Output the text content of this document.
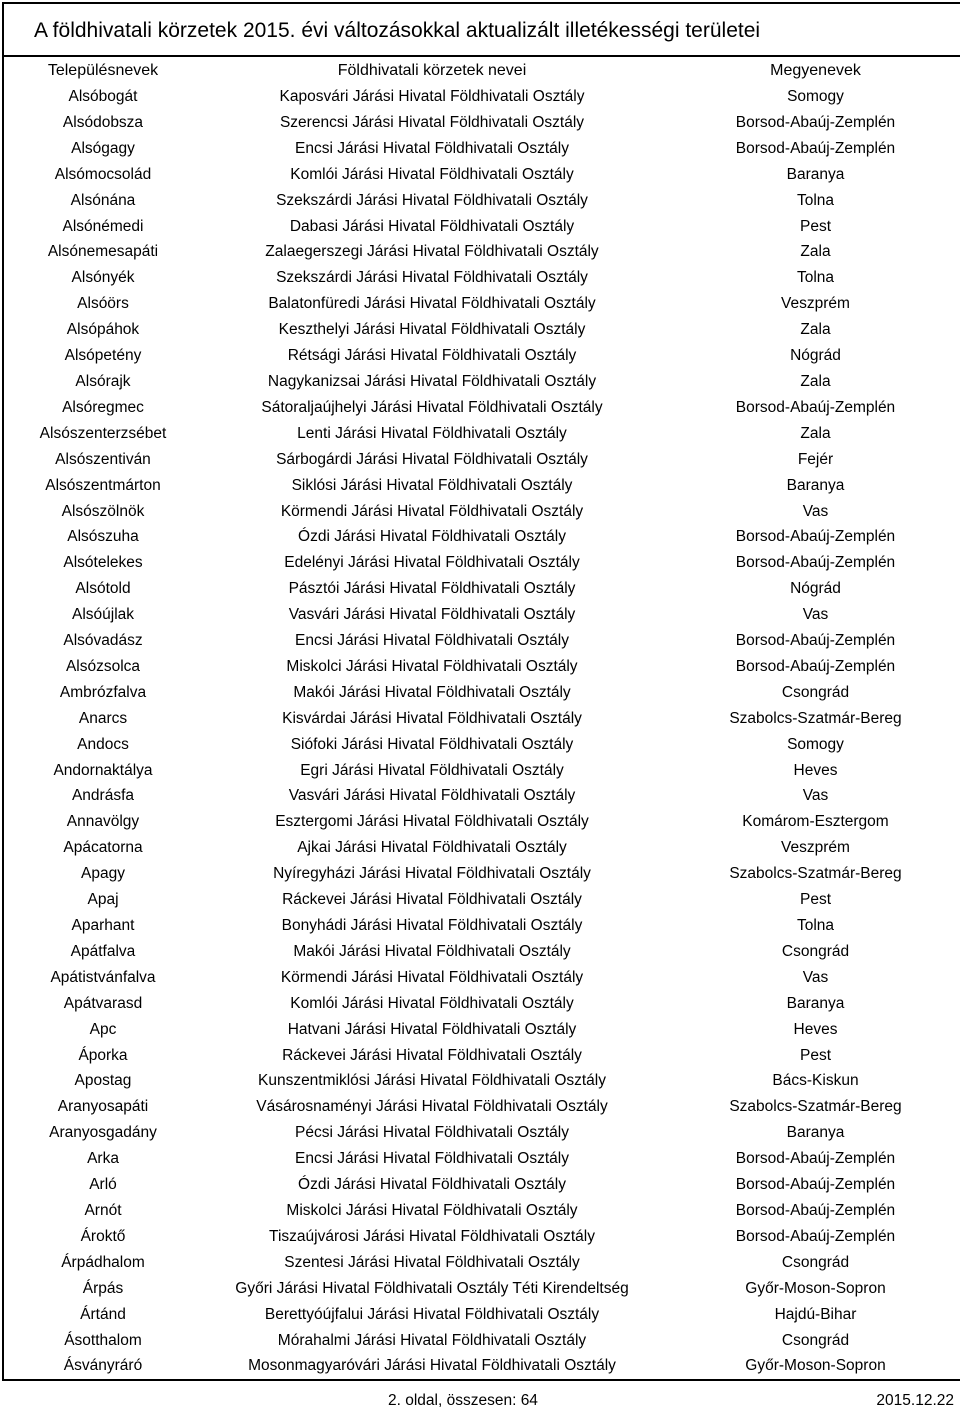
A földhivatali körzetek 2015. évi változásokkal aktualizált illetékességi területei
Településnevek	Földhivatali körzetek nevei	Megyenevek
Alsóbogát	Kaposvári Járási Hivatal Földhivatali Osztály	Somogy
Alsódobsza	Szerencsi Járási Hivatal Földhivatali Osztály	Borsod-Abaúj-Zemplén
Alsógagy	Encsi Járási Hivatal Földhivatali Osztály	Borsod-Abaúj-Zemplén
Alsómocsolád	Komlói Járási Hivatal Földhivatali Osztály	Baranya
Alsónána	Szekszárdi Járási Hivatal Földhivatali Osztály	Tolna
Alsónémedi	Dabasi Járási Hivatal Földhivatali Osztály	Pest
Alsónemesapáti	Zalaegerszegi Járási Hivatal Földhivatali Osztály	Zala
Alsónyék	Szekszárdi Járási Hivatal Földhivatali Osztály	Tolna
Alsóörs	Balatonfüredi Járási Hivatal Földhivatali Osztály	Veszprém
Alsópáhok	Keszthelyi Járási Hivatal Földhivatali Osztály	Zala
Alsópetény	Rétsági Járási Hivatal Földhivatali Osztály	Nógrád
Alsórajk	Nagykanizsai Járási Hivatal Földhivatali Osztály	Zala
Alsóregmec	Sátoraljaújhelyi Járási Hivatal Földhivatali Osztály	Borsod-Abaúj-Zemplén
Alsószenterzsébet	Lenti Járási Hivatal Földhivatali Osztály	Zala
Alsószentiván	Sárbogárdi Járási Hivatal Földhivatali Osztály	Fejér
Alsószentmárton	Siklósi Járási Hivatal Földhivatali Osztály	Baranya
Alsószölnök	Körmendi Járási Hivatal Földhivatali Osztály	Vas
Alsószuha	Ózdi Járási Hivatal Földhivatali Osztály	Borsod-Abaúj-Zemplén
Alsótelekes	Edelényi Járási Hivatal Földhivatali Osztály	Borsod-Abaúj-Zemplén
Alsótold	Pásztói Járási Hivatal Földhivatali Osztály	Nógrád
Alsóújlak	Vasvári Járási Hivatal Földhivatali Osztály	Vas
Alsóvadász	Encsi Járási Hivatal Földhivatali Osztály	Borsod-Abaúj-Zemplén
Alsózsolca	Miskolci Járási Hivatal Földhivatali Osztály	Borsod-Abaúj-Zemplén
Ambrózfalva	Makói Járási Hivatal Földhivatali Osztály	Csongrád
Anarcs	Kisvárdai Járási Hivatal Földhivatali Osztály	Szabolcs-Szatmár-Bereg
Andocs	Siófoki Járási Hivatal Földhivatali Osztály	Somogy
Andornaktálya	Egri Járási Hivatal Földhivatali Osztály	Heves
Andrásfa	Vasvári Járási Hivatal Földhivatali Osztály	Vas
Annavölgy	Esztergomi Járási Hivatal Földhivatali Osztály	Komárom-Esztergom
Apácatorna	Ajkai Járási Hivatal Földhivatali Osztály	Veszprém
Apagy	Nyíregyházi Járási Hivatal Földhivatali Osztály	Szabolcs-Szatmár-Bereg
Apaj	Ráckevei Járási Hivatal Földhivatali Osztály	Pest
Aparhant	Bonyhádi Járási Hivatal Földhivatali Osztály	Tolna
Apátfalva	Makói Járási Hivatal Földhivatali Osztály	Csongrád
Apátistvánfalva	Körmendi Járási Hivatal Földhivatali Osztály	Vas
Apátvarasd	Komlói Járási Hivatal Földhivatali Osztály	Baranya
Apc	Hatvani Járási Hivatal Földhivatali Osztály	Heves
Áporka	Ráckevei Járási Hivatal Földhivatali Osztály	Pest
Apostag	Kunszentmiklósi Járási Hivatal Földhivatali Osztály	Bács-Kiskun
Aranyosapáti	Vásárosnaményi Járási Hivatal Földhivatali Osztály	Szabolcs-Szatmár-Bereg
Aranyosgadány	Pécsi Járási Hivatal Földhivatali Osztály	Baranya
Arka	Encsi Járási Hivatal Földhivatali Osztály	Borsod-Abaúj-Zemplén
Arló	Ózdi Járási Hivatal Földhivatali Osztály	Borsod-Abaúj-Zemplén
Arnót	Miskolci Járási Hivatal Földhivatali Osztály	Borsod-Abaúj-Zemplén
Ároktő	Tiszaújvárosi Járási Hivatal Földhivatali Osztály	Borsod-Abaúj-Zemplén
Árpádhalom	Szentesi Járási Hivatal Földhivatali Osztály	Csongrád
Árpás	Győri Járási Hivatal Földhivatali Osztály Téti Kirendeltség	Győr-Moson-Sopron
Ártánd	Berettyóújfalui Járási Hivatal Földhivatali Osztály	Hajdú-Bihar
Ásotthalom	Mórahalmi Járási Hivatal Földhivatali Osztály	Csongrád
Ásványráró	Mosonmagyaróvári Járási Hivatal Földhivatali Osztály	Győr-Moson-Sopron
2. oldal, összesen: 64	2015.12.22
